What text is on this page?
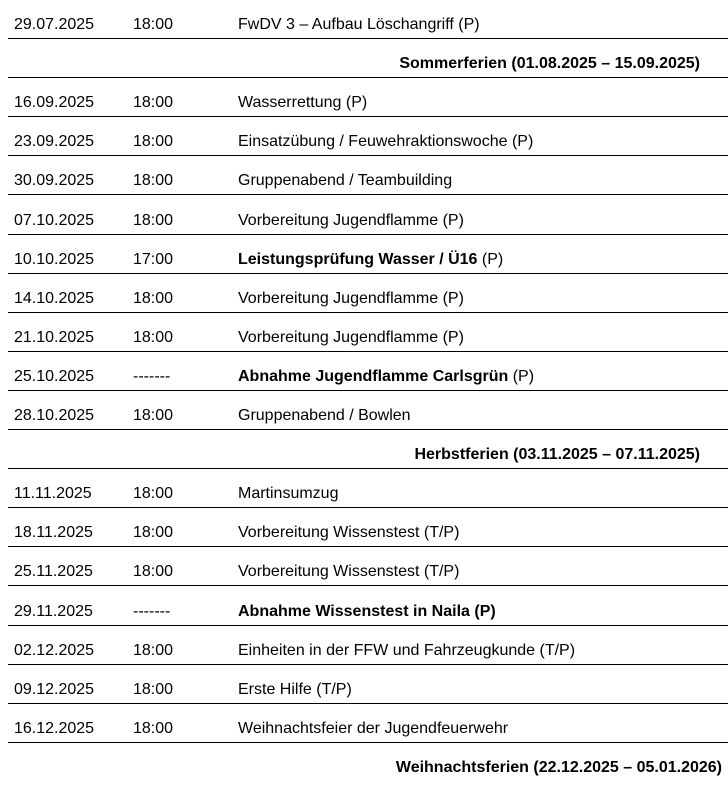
29.07.2025 18:00	FwDV 3 – Aufbau Löschangriff (P)
Sommerferien (01.08.2025 – 15.09.2025)
16.09.2025 18:00	Wasserrettung (P)
23.09.2025 18:00	Einsatzübung / Feuwehraktionswoche (P)
30.09.2025 18:00	Gruppenabend / Teambuilding
07.10.2025 18:00	Vorbereitung Jugendflamme (P)
10.10.2025 17:00	Leistungsprüfung Wasser / Ü16 (P)
14.10.2025 18:00	Vorbereitung Jugendflamme (P)
21.10.2025 18:00	Vorbereitung Jugendflamme (P)
25.10.2025 -------	Abnahme Jugendflamme Carlsgrün (P)
28.10.2025 18:00	Gruppenabend / Bowlen
Herbstferien (03.11.2025 – 07.11.2025)
11.11.2025	18:00	Martinsumzug
18.11.2025	18:00	Vorbereitung Wissenstest (T/P)
25.11.2025	18:00	Vorbereitung Wissenstest (T/P)
29.11.2025	-------	Abnahme Wissenstest in Naila (P)
02.12.2025 18:00	Einheiten in der FFW und Fahrzeugkunde (T/P)
09.12.2025 18:00	Erste Hilfe (T/P)
16.12.2025 18:00	Weihnachtsfeier der Jugendfeuerwehr
Weihnachtsferien (22.12.2025 – 05.01.2026)
